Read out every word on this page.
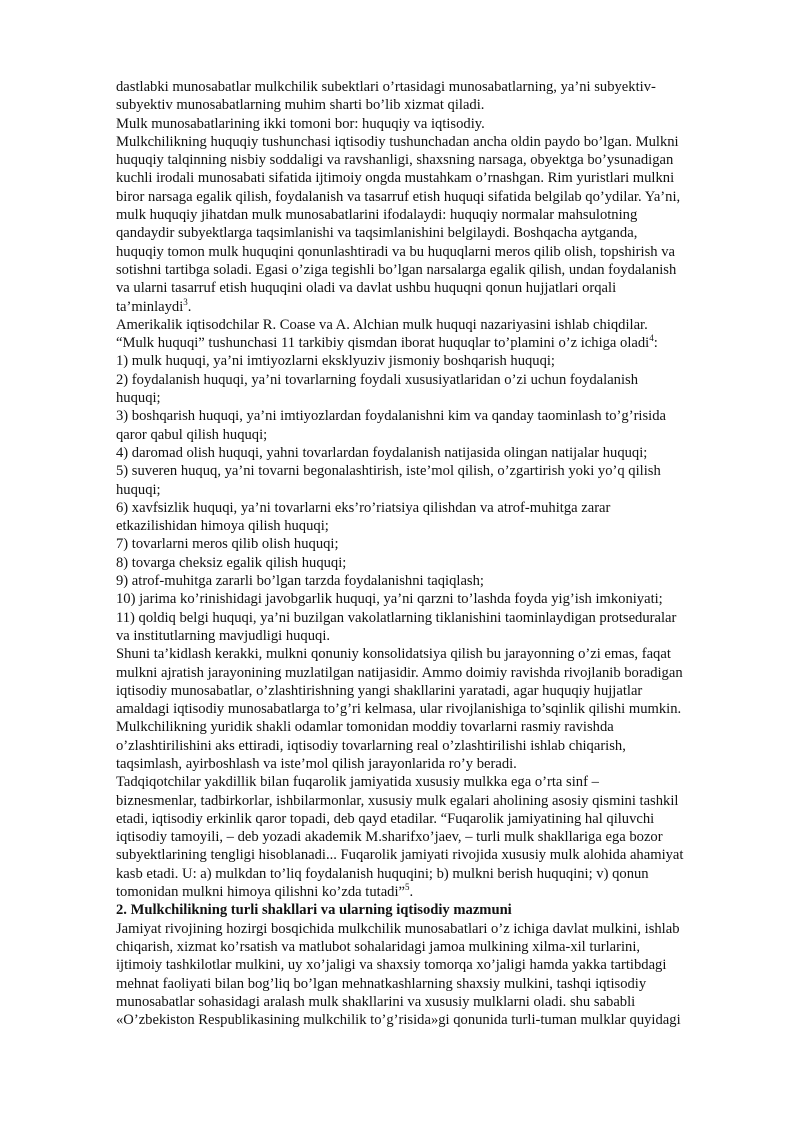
dastlabki munosabatlar mulkchilik subektlari o’rtasidagi munosabatlarning, ya’ni subyektiv-
subyektiv munosabatlarning muhim sharti bo’lib xizmat qiladi.
Mulk munosabatlarining ikki tomoni bor: huquqiy va iqtisodiy.
Mulkchilikning huquqiy tushunchasi iqtisodiy tushunchadan ancha oldin paydo bo’lgan. Mulkni
huquqiy talqinning nisbiy soddaligi va ravshanligi, shaxsning narsaga, obyektga bo’ysunadigan
kuchli irodali munosabati sifatida ijtimoiy ongda mustahkam o’rnashgan. Rim yuristlari mulkni
biror narsaga egalik qilish, foydalanish va tasarruf etish huquqi sifatida belgilab qo’ydilar. Ya’ni,
mulk huquqiy jihatdan mulk munosabatlarini ifodalaydi: huquqiy normalar mahsulotning
qandaydir subyektlarga taqsimlanishi va taqsimlanishini belgilaydi. Boshqacha aytganda,
huquqiy tomon mulk huquqini qonunlashtiradi va bu huquqlarni meros qilib olish, topshirish va
sotishni tartibga soladi. Egasi o’ziga tegishli bo’lgan narsalarga egalik qilish, undan foydalanish
va ularni tasarruf etish huquqini oladi va davlat ushbu huquqni qonun hujjatlari orqali
ta’minlaydi$^3$.
Amerikalik iqtisodchilar R. Coase va A. Alchian mulk huquqi nazariyasini ishlab chiqdilar.
“Mulk huquqi” tushunchasi 11 tarkibiy qismdan iborat huquqlar to’plamini o’z ichiga oladi$^4$:
1) mulk huquqi, ya’ni imtiyozlarni eksklyuziv jismoniy boshqarish huquqi;
2) foydalanish huquqi, ya’ni tovarlarning foydali xususiyatlaridan o’zi uchun foydalanish
huquqi;
3) boshqarish huquqi, ya’ni imtiyozlardan foydalanishni kim va qanday taominlash to’g’risida
qaror qabul qilish huquqi;
4) daromad olish huquqi, yahni tovarlardan foydalanish natijasida olingan natijalar huquqi;
5) suveren huquq, ya’ni tovarni begonalashtirish, iste’mol qilish, o’zgartirish yoki yo’q qilish
huquqi;
6) xavfsizlik huquqi, ya’ni tovarlarni eks’ro’riatsiya qilishdan va atrof-muhitga zarar
etkazilishidan himoya qilish huquqi;
7) tovarlarni meros qilib olish huquqi;
8) tovarga cheksiz egalik qilish huquqi;
9) atrof-muhitga zararli bo’lgan tarzda foydalanishni taqiqlash;
10) jarima ko’rinishidagi javobgarlik huquqi, ya’ni qarzni to’lashda foyda yig’ish imkoniyati;
11) qoldiq belgi huquqi, ya’ni buzilgan vakolatlarning tiklanishini taominlaydigan protseduralar
va institutlarning mavjudligi huquqi.
Shuni ta’kidlash kerakki, mulkni qonuniy konsolidatsiya qilish bu jarayonning o’zi emas, faqat
mulkni ajratish jarayonining muzlatilgan natijasidir. Ammo doimiy ravishda rivojlanib boradigan
iqtisodiy munosabatlar, o’zlashtirishning yangi shakllarini yaratadi, agar huquqiy hujjatlar
amaldagi iqtisodiy munosabatlarga to’g’ri kelmasa, ular rivojlanishiga to’sqinlik qilishi mumkin.
Mulkchilikning yuridik shakli odamlar tomonidan moddiy tovarlarni rasmiy ravishda
o’zlashtirilishini aks ettiradi, iqtisodiy tovarlarning real o’zlashtirilishi ishlab chiqarish,
taqsimlash, ayirboshlash va iste’mol qilish jarayonlarida ro’y beradi.
Tadqiqotchilar yakdillik bilan fuqarolik jamiyatida xususiy mulkka ega o’rta sinf –
biznesmenlar, tadbirkorlar, ishbilarmonlar, xususiy mulk egalari aholining asosiy qismini tashkil
etadi, iqtisodiy erkinlik qaror topadi, deb qayd etadilar. “Fuqarolik jamiyatining hal qiluvchi
iqtisodiy tamoyili, – deb yozadi akademik M.sharifxo’jaev, – turli mulk shakllariga ega bozor
subyektlarining tengligi hisoblanadi... Fuqarolik jamiyati rivojida xususiy mulk alohida ahamiyat
kasb etadi. U: a) mulkdan to’liq foydalanish huquqini; b) mulkni berish huquqini; v) qonun
tomonidan mulkni himoya qilishni ko’zda tutadi”$^5$.
2. Mulkchilikning turli shakllari va ularning iqtisodiy mazmuni
Jamiyat rivojining hozirgi bosqichida mulkchilik munosabatlari o’z ichiga davlat mulkini, ishlab
chiqarish, xizmat ko’rsatish va matlubot sohalaridagi jamoa mulkining xilma-xil turlarini,
ijtimoiy tashkilotlar mulkini, uy xo’jaligi va shaxsiy tomorqa xo’jaligi hamda yakka tartibdagi
mehnat faoliyati bilan bog’liq bo’lgan mehnatkashlarning shaxsiy mulkini, tashqi iqtisodiy
munosabatlar sohasidagi aralash mulk shakllarini va xususiy mulklarni oladi. shu sababli
«O’zbekiston Respublikasining mulkchilik to’g’risida»gi qonunida turli-tuman mulklar quyidagi
